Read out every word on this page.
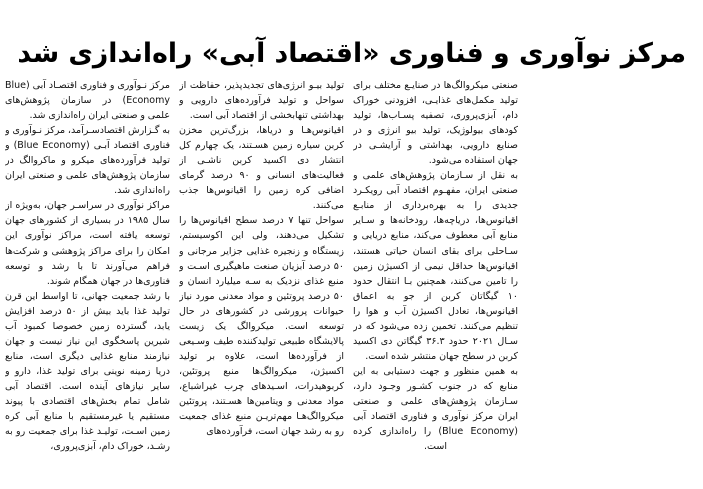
مرکز نوآوری و فناوری «اقتصاد آبی» راه‌اندازی شد

مرکز نـوآوری و فناوری اقتصـاد آبی (Blue Economy) در سازمان پژوهش‌های علمی و صنعتی ایران راه‌اندازی شد.

به گـزارش اقتصادسـرآمد، مرکز نـوآوری و فناوری اقتصاد آبـی (Blue Economy) و تولید فرآورده‌های میکرو و ماکروالگ در سازمان پژوهش‌های علمی و صنعتی ایران راه‌اندازی شد.

مراکز نوآوری در سراسـر جهان، به‌ویژه از سال ۱۹۸۵ در بسیاری از کشورهای جهان توسعه یافته است، مراکز نوآوری این امکان را برای مراکز پژوهشی و شرکت‌ها فراهم می‌آورند تا با رشد و توسعه فناوری‌ها در جهان همگام شوند.

با رشد جمعیت جهانی، تا اواسط این قرن تولید غذا باید بیش از ۵۰ درصد افزایش یابد، گسترده زمین خصوصا کمبود آب شیرین پاسخگوی این نیاز نیست و جهان نیازمند منابع غذایی دیگری است، منابع دریا زمینه نوینی برای تولید غذا، دارو و سایر نیازهای آینده است. اقتصاد آبی شامل تمام بخش‌های اقتصادی با پیوند مستقیم یا غیرمستقیم با منابع آبی کره زمین اسـت، تولیـد غذا برای جمعیت رو به رشـد، خوراک دام، آبزی‌پروری،

تولید بیـو انرژی‌های تجدیدپذیر، حفاظت از سواحل و تولید فرآورده‌های دارویی و بهداشتی تنهابخشی از اقتصاد آبی است.

اقیانوس‌هـا و دریاها، بزرگ‌ترین مخزن کربن سیاره زمین هسـتند، یک چهارم کل انتشار دی اکسید کربن ناشـی از فعالیت‌های انسانی و ۹۰ درصد گرمای اضافی کره زمین را اقیانوس‌ها جذب می‌کنند.

سواحل تنها ۷ درصد سطح اقیانوس‌ها را تشکیل می‌دهند، ولی این اکوسیستم، زیستگاه و زنجیره غذایی جزایر مرجانی و ۵۰ درصد آبزیان صنعت ماهیگیری اسـت و منبع غذای نزدیک به سـه میلیارد انسان و ۵۰ درصد پروتئین و مواد معدنی مورد نیاز حیوانات پرورشی در کشورهای در حال توسعه است. میکروالگ یک زیست پالایشگاه طبیعی تولیدکننده طیف وسـیعی از فرآورده‌ها است، علاوه بر تولید اکسیژن، میکروالگ‌ها منبع پروتئین، کربوهیدرات، اسـیدهای چرب غیراشباع، مواد معدنی و ویتامین‌ها هسـتند، پروتئین میکروالگ‌هـا مهم‌تریـن منبع غذای جمعیت رو به رشد جهان است، فرآورده‌های

صنعتی میکروالگ‌ها در صنایـع مختلف برای تولید مکمل‌های غذایـی، افزودنی خوراک دام، آبزی‌پروری، تصفیه پسـاب‌ها، تولید کودهای بیولوژیک، تولید بیو انرژی و در صنایع دارویی، بهداشتی و آرایشـی در جهان استفاده می‌شود.

به نقل از سـازمان پژوهش‌های علمی و صنعتی ایران، مفهـوم اقتصاد آبی رویکـرد جدیدی را به بهره‌برداری از منابـع اقیانوس‌ها، دریاچه‌ها، رودخانه‌ها و سـایر منابع آبی معطوف می‌کند، منابع دریایی و سـاحلی برای بقای انسان حیاتی هستند، اقیانوس‌ها حداقل نیمی از اکسیژن زمین را تامین می‌کنند، همچنین بـا انتقال حدود ۱۰ گیگاتان کربن از جو به اعماق اقیانوس‌ها، تعادل اکسیژن آب و هوا را تنظیم می‌کنند. تخمین زده می‌شود که در سـال ۲۰۲۱ حدود ۳۶.۳ گیگاتن دی اکسید کربن در سطح جهان منتشر شده است.

به همین منظور و جهت دستیابی به این منابع که در جنوب کشـور وجـود دارد، سـازمان پژوهش‌های علمی و صنعتی ایران مرکز نوآوری و فناوری اقتصاد آبی (Blue Economy) را راه‌اندازی کرده است.
